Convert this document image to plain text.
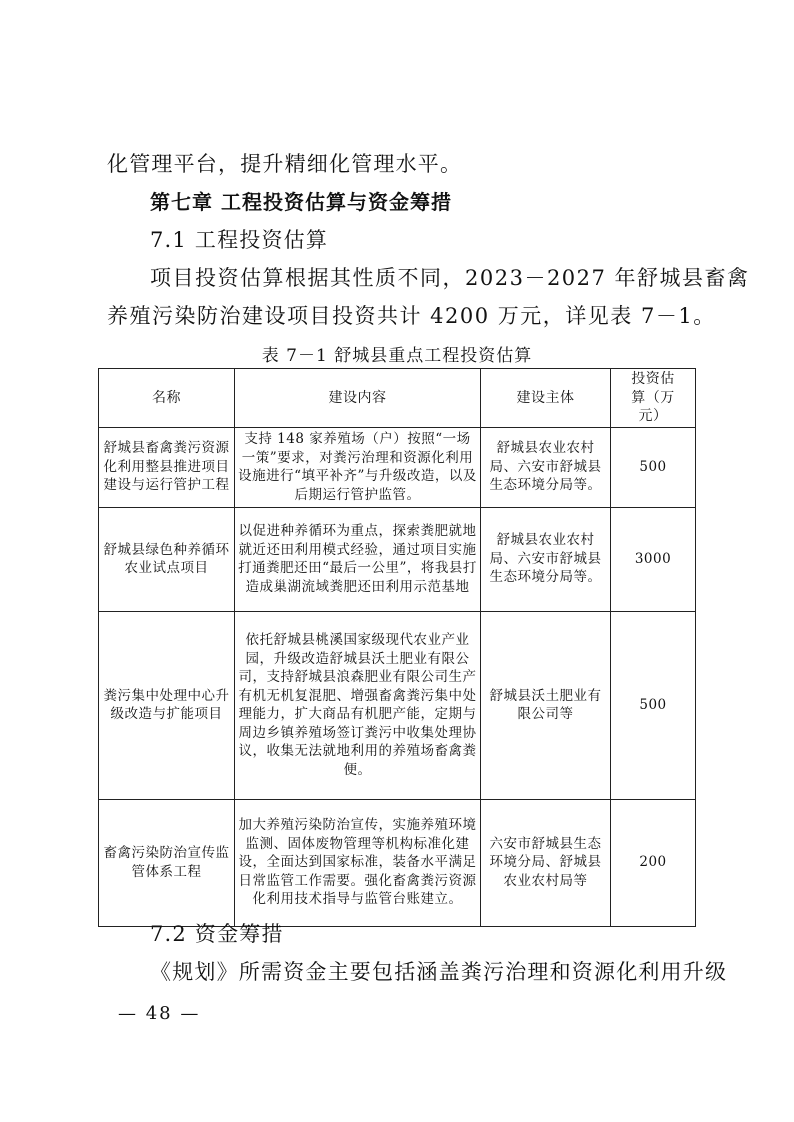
化管理平台，提升精细化管理水平。
第七章 工程投资估算与资金筹措
7.1 工程投资估算
项目投资估算根据其性质不同，2023－2027 年舒城县畜禽
养殖污染防治建设项目投资共计 4200 万元，详见表 7－1。
表 7－1 舒城县重点工程投资估算
名称	建设内容	建设主体	投资估算（万元）
舒城县畜禽粪污资源化利用整县推进项目建设与运行管护工程	支持 148 家养殖场（户）按照“一场一策”要求，对粪污治理和资源化利用设施进行“填平补齐”与升级改造，以及后期运行管护监管。	舒城县农业农村局、六安市舒城县生态环境分局等。	500
舒城县绿色种养循环农业试点项目	以促进种养循环为重点，探索粪肥就地就近还田利用模式经验，通过项目实施打通粪肥还田“最后一公里”，将我县打造成巢湖流域粪肥还田利用示范基地	舒城县农业农村局、六安市舒城县生态环境分局等。	3000
粪污集中处理中心升级改造与扩能项目	依托舒城县桃溪国家级现代农业产业园，升级改造舒城县沃土肥业有限公司，支持舒城县浪森肥业有限公司生产有机无机复混肥、增强畜禽粪污集中处理能力，扩大商品有机肥产能，定期与周边乡镇养殖场签订粪污中收集处理协议，收集无法就地利用的养殖场畜禽粪便。	舒城县沃土肥业有限公司等	500
畜禽污染防治宣传监管体系工程	加大养殖污染防治宣传，实施养殖环境监测、固体废物管理等机构标准化建设，全面达到国家标准，装备水平满足日常监管工作需要。强化畜禽粪污资源化利用技术指导与监管台账建立。	六安市舒城县生态环境分局、舒城县农业农村局等	200
7.2 资金筹措
《规划》所需资金主要包括涵盖粪污治理和资源化利用升级
— 48 —
